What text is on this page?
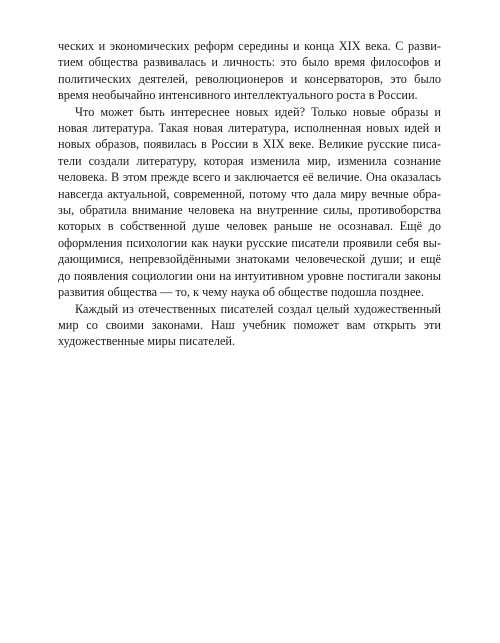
ческих и экономических реформ середины и конца XIX века. С развитием общества развивалась и личность: это было время философов и политических деятелей, революционеров и консерваторов, это было время необычайно интенсивного интеллектуального роста в России.

Что может быть интереснее новых идей? Только новые образы и новая литература. Такая новая литература, исполненная новых идей и новых образов, появилась в России в XIX веке. Великие русские писатели создали литературу, которая изменила мир, изменила сознание человека. В этом прежде всего и заключается её величие. Она оказалась навсегда актуальной, современной, потому что дала миру вечные образы, обратила внимание человека на внутренние силы, противоборства которых в собственной душе человек раньше не осознавал. Ещё до оформления психологии как науки русские писатели проявили себя выдающимися, непревзойдёнными знатоками человеческой души; и ещё до появления социологии они на интуитивном уровне постигали законы развития общества — то, к чему наука об обществе подошла позднее.

Каждый из отечественных писателей создал целый художественный мир со своими законами. Наш учебник поможет вам открыть эти художественные миры писателей.
